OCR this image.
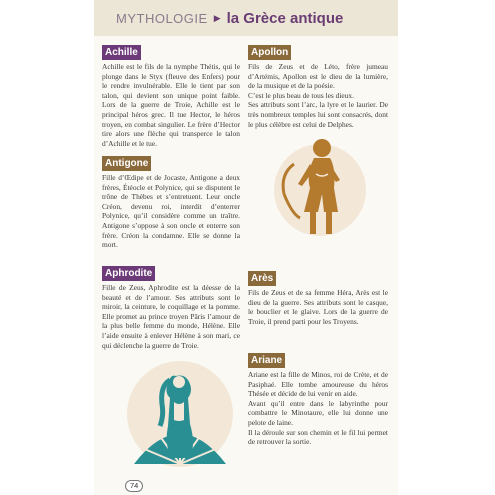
MYTHOLOGIE ▶ la Grèce antique
Achille
Achille est le fils de la nymphe Thétis, qui le plonge dans le Styx (fleuve des Enfers) pour le rendre invulnérable. Elle le tient par son talon, qui devient son unique point faible. Lors de la guerre de Troie, Achille est le principal héros grec. Il tue Hector, le héros troyen, en combat singulier. Le frère d’Hector tire alors une flèche qui transperce le talon d’Achille et le tue.
Antigone
Fille d’Œdipe et de Jocaste, Antigone a deux frères, Étéocle et Polynice, qui se disputent le trône de Thèbes et s’entretuent. Leur oncle Créon, devenu roi, interdit d’enterrer Polynice, qu’il considère comme un traître. Antigone s’oppose à son oncle et enterre son frère. Créon la condamne. Elle se donne la mort.
Aphrodite
Fille de Zeus, Aphrodite est la déesse de la beauté et de l’amour. Ses attributs sont le miroir, la ceinture, le coquillage et la pomme. Elle promet au prince troyen Pâris l’amour de la plus belle femme du monde, Hélène. Elle l’aide ensuite à enlever Hélène à son mari, ce qui déclenche la guerre de Troie.
Apollon
Fils de Zeus et de Léto, frère jumeau d’Artémis, Apollon est le dieu de la lumière, de la musique et de la poésie.
C’est le plus beau de tous les dieux.
Ses attributs sont l’arc, la lyre et le laurier. De très nombreux temples lui sont consacrés, dont le plus célèbre est celui de Delphes.
Arès
Fils de Zeus et de sa femme Héra, Arès est le dieu de la guerre. Ses attributs sont le casque, le bouclier et le glaive. Lors de la guerre de Troie, il prend parti pour les Troyens.
Ariane
Ariane est la fille de Minos, roi de Crète, et de Pasiphaé. Elle tombe amoureuse du héros Thésée et décide de lui venir en aide.
Avant qu’il entre dans le labyrinthe pour combattre le Minotaure, elle lui donne une pelote de laine.
Il la déroule sur son chemin et le fil lui permet de retrouver la sortie.
74
